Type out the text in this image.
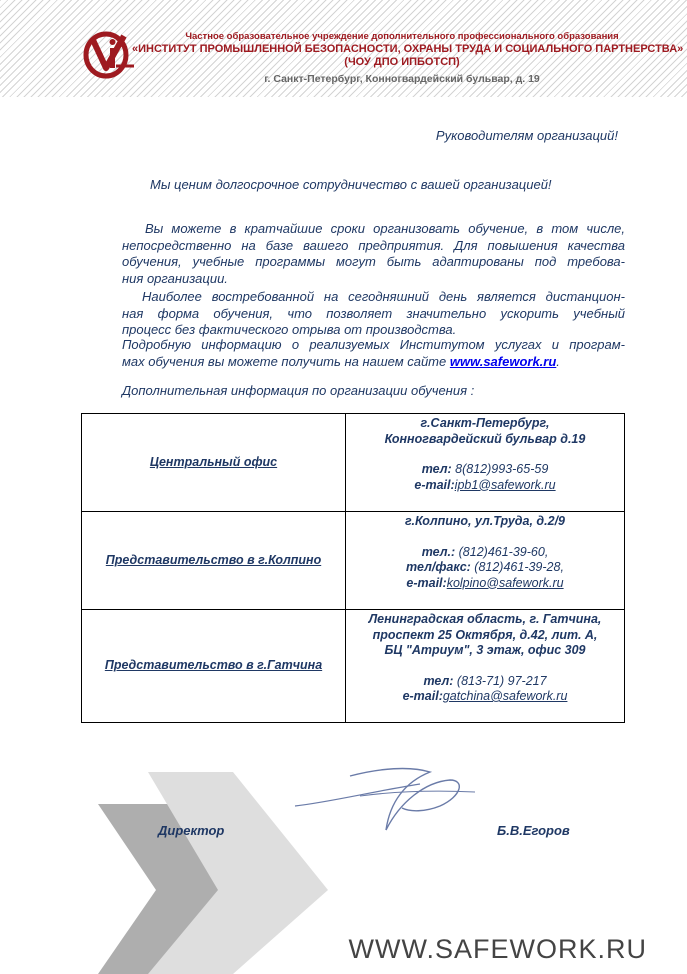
Частное образовательное учреждение дополнительного профессионального образования
«ИНСТИТУТ ПРОМЫШЛЕННОЙ БЕЗОПАСНОСТИ, ОХРАНЫ ТРУДА И СОЦИАЛЬНОГО ПАРТНЕРСТВА»
(ЧОУ ДПО ИПБОТСП)
г. Санкт-Петербург, Конногвардейский бульвар, д. 19
Руководителям организаций!
Мы ценим долгосрочное сотрудничество с вашей организацией!
Вы можете в кратчайшие сроки организовать обучение, в том числе,
непосредственно на базе вашего предприятия. Для повышения качества
обучения, учебные программы могут быть адаптированы под требова-
ния организации.
Наиболее востребованной на сегодняшний день является дистанцион-
ная форма обучения, что позволяет значительно ускорить учебный
процесс без фактического отрыва от производства.
Подробную информацию о реализуемых Институтом услугах и програм-
мах обучения вы можете получить на нашем сайте www.safework.ru.
Дополнительная информация по организации обучения :
Центральный офис	г.Санкт-Петербург,
Конногвардейский бульвар д.19
тел: 8(812)993-65-59
e-mail:ipb1@safework.ru

Представительство в г.Колпино	г.Колпино, ул.Труда, д.2/9
тел.: (812)461-39-60,
тел/факс: (812)461-39-28,
e-mail:kolpino@safework.ru

Представительство в г.Гатчина	Ленинградская область, г. Гатчина,
проспект 25 Октября, д.42, лит. А,
БЦ "Атриум", 3 этаж, офис 309
тел: (813-71) 97-217
e-mail:gatchina@safework.ru
Директор	Б.В.Егоров
WWW.SAFEWORK.RU
